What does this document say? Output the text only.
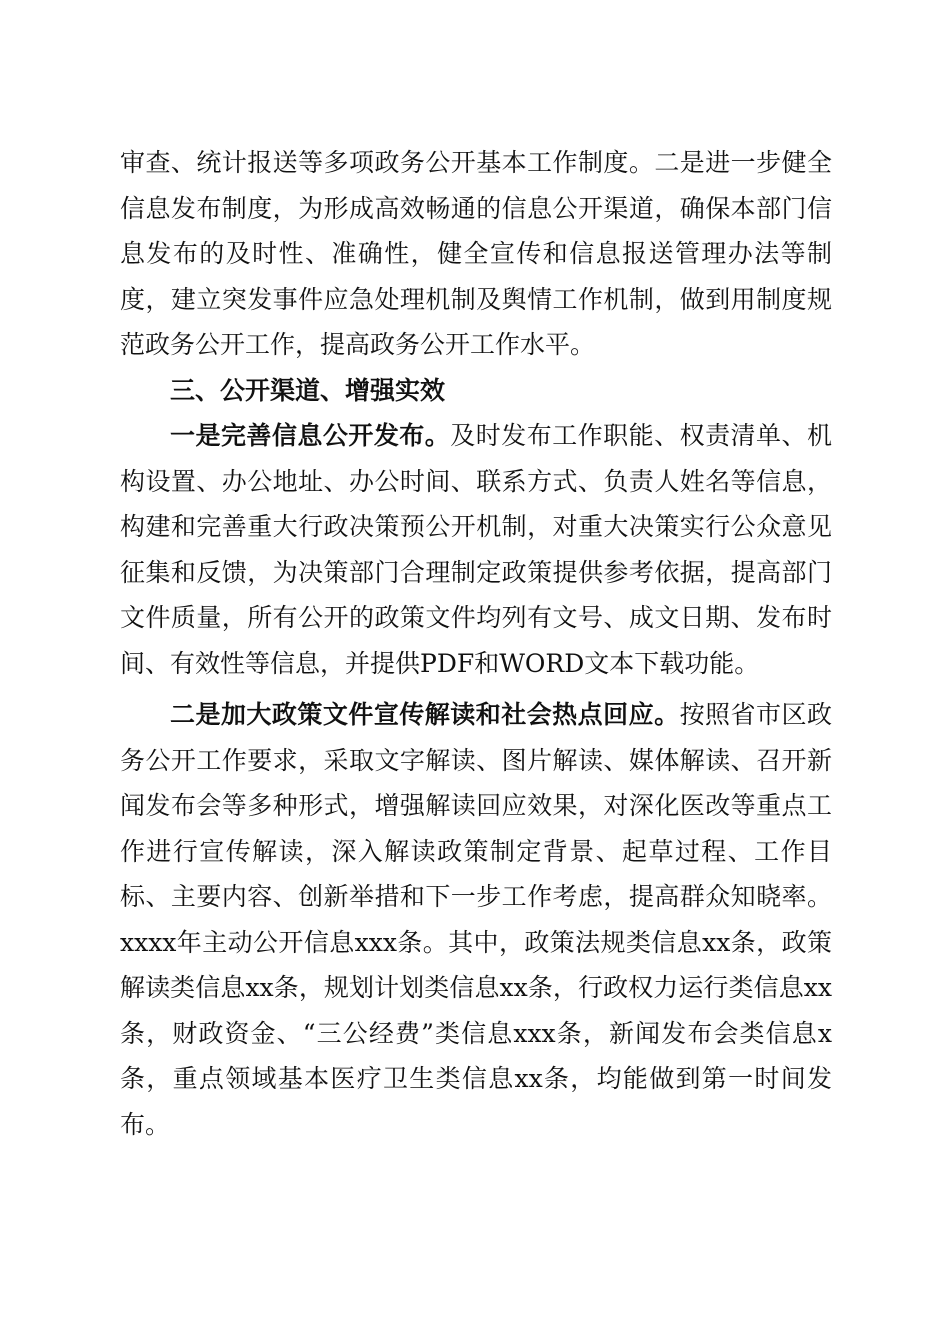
审查、统计报送等多项政务公开基本工作制度。二是进一步健全信息发布制度，为形成高效畅通的信息公开渠道，确保本部门信息发布的及时性、准确性，健全宣传和信息报送管理办法等制度，建立突发事件应急处理机制及舆情工作机制，做到用制度规范政务公开工作，提高政务公开工作水平。

三、公开渠道、增强实效

一是完善信息公开发布。及时发布工作职能、权责清单、机构设置、办公地址、办公时间、联系方式、负责人姓名等信息，构建和完善重大行政决策预公开机制，对重大决策实行公众意见征集和反馈，为决策部门合理制定政策提供参考依据，提高部门文件质量，所有公开的政策文件均列有文号、成文日期、发布时间、有效性等信息，并提供PDF和WORD文本下载功能。

二是加大政策文件宣传解读和社会热点回应。按照省市区政务公开工作要求，采取文字解读、图片解读、媒体解读、召开新闻发布会等多种形式，增强解读回应效果，对深化医改等重点工作进行宣传解读，深入解读政策制定背景、起草过程、工作目标、主要内容、创新举措和下一步工作考虑，提高群众知晓率。xxxx年主动公开信息xxx条。其中，政策法规类信息xx条，政策解读类信息xx条，规划计划类信息xx条，行政权力运行类信息xx条，财政资金、“三公经费”类信息xxx条，新闻发布会类信息x条，重点领域基本医疗卫生类信息xx条，均能做到第一时间发布。
